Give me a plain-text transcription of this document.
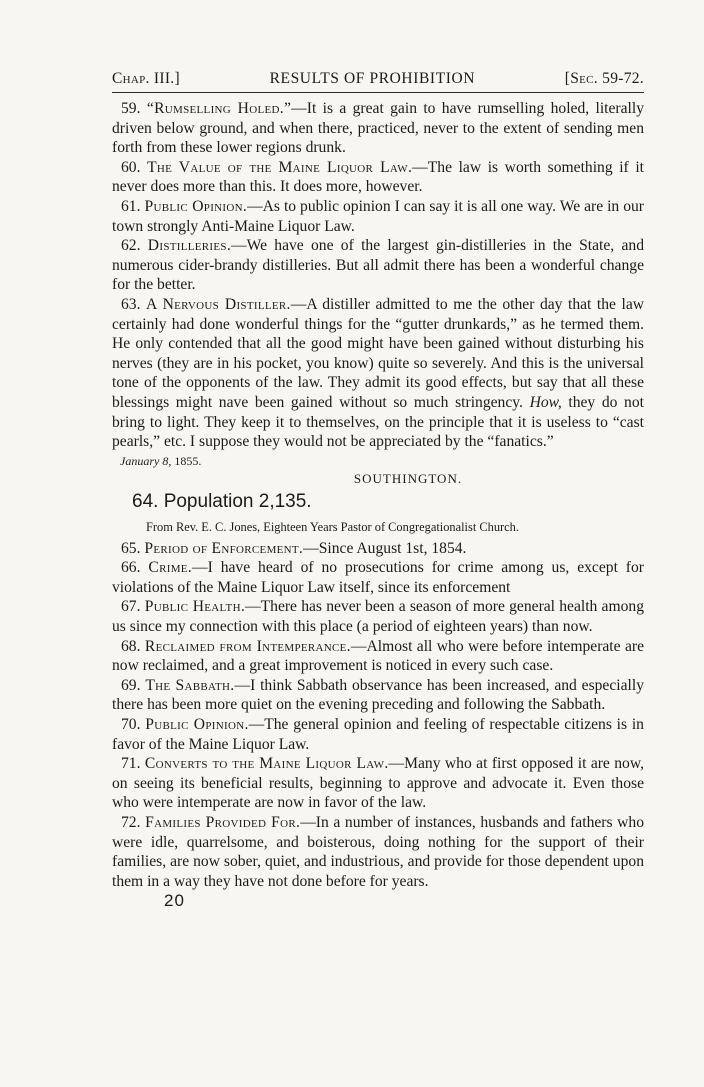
Chap. III.]	RESULTS OF PROHIBITION	[Sec. 59-72.

59. “Rumselling Holed.”—It is a great gain to have rumselling holed, literally driven below ground, and when there, practiced, never to the extent of sending men forth from these lower regions drunk.

60. The Value of the Maine Liquor Law.—The law is worth something if it never does more than this. It does more, however.

61. Public Opinion.—As to public opinion I can say it is all one way. We are in our town strongly Anti-Maine Liquor Law.

62. Distilleries.—We have one of the largest gin-distilleries in the State, and numerous cider-brandy distilleries. But all admit there has been a wonderful change for the better.

63. A Nervous Distiller.—A distiller admitted to me the other day that the law certainly had done wonderful things for the “gutter drunkards,” as he termed them. He only contended that all the good might have been gained without disturbing his nerves (they are in his pocket, you know) quite so severely. And this is the universal tone of the opponents of the law. They admit its good effects, but say that all these blessings might nave been gained without so much stringency. How, they do not bring to light. They keep it to themselves, on the principle that it is useless to “cast pearls,” etc. I suppose they would not be appreciated by the “fanatics.”

January 8, 1855.
SOUTHINGTON.
64. Population 2,135.
From Rev. E. C. Jones, Eighteen Years Pastor of Congregationalist Church.

65. Period of Enforcement.—Since August 1st, 1854.

66. Crime.—I have heard of no prosecutions for crime among us, except for violations of the Maine Liquor Law itself, since its enforcement

67. Public Health.—There has never been a season of more general health among us since my connection with this place (a period of eighteen years) than now.

68. Reclaimed from Intemperance.—Almost all who were before intemperate are now reclaimed, and a great improvement is noticed in every such case.

69. The Sabbath.—I think Sabbath observance has been increased, and especially there has been more quiet on the evening preceding and following the Sabbath.

70. Public Opinion.—The general opinion and feeling of respectable citizens is in favor of the Maine Liquor Law.

71. Converts to the Maine Liquor Law.—Many who at first opposed it are now, on seeing its beneficial results, beginning to approve and advocate it. Even those who were intemperate are now in favor of the law.

72. Families Provided For.—In a number of instances, husbands and fathers who were idle, quarrelsome, and boisterous, doing nothing for the support of their families, are now sober, quiet, and industrious, and provide for those dependent upon them in a way they have not done before for years.

20
